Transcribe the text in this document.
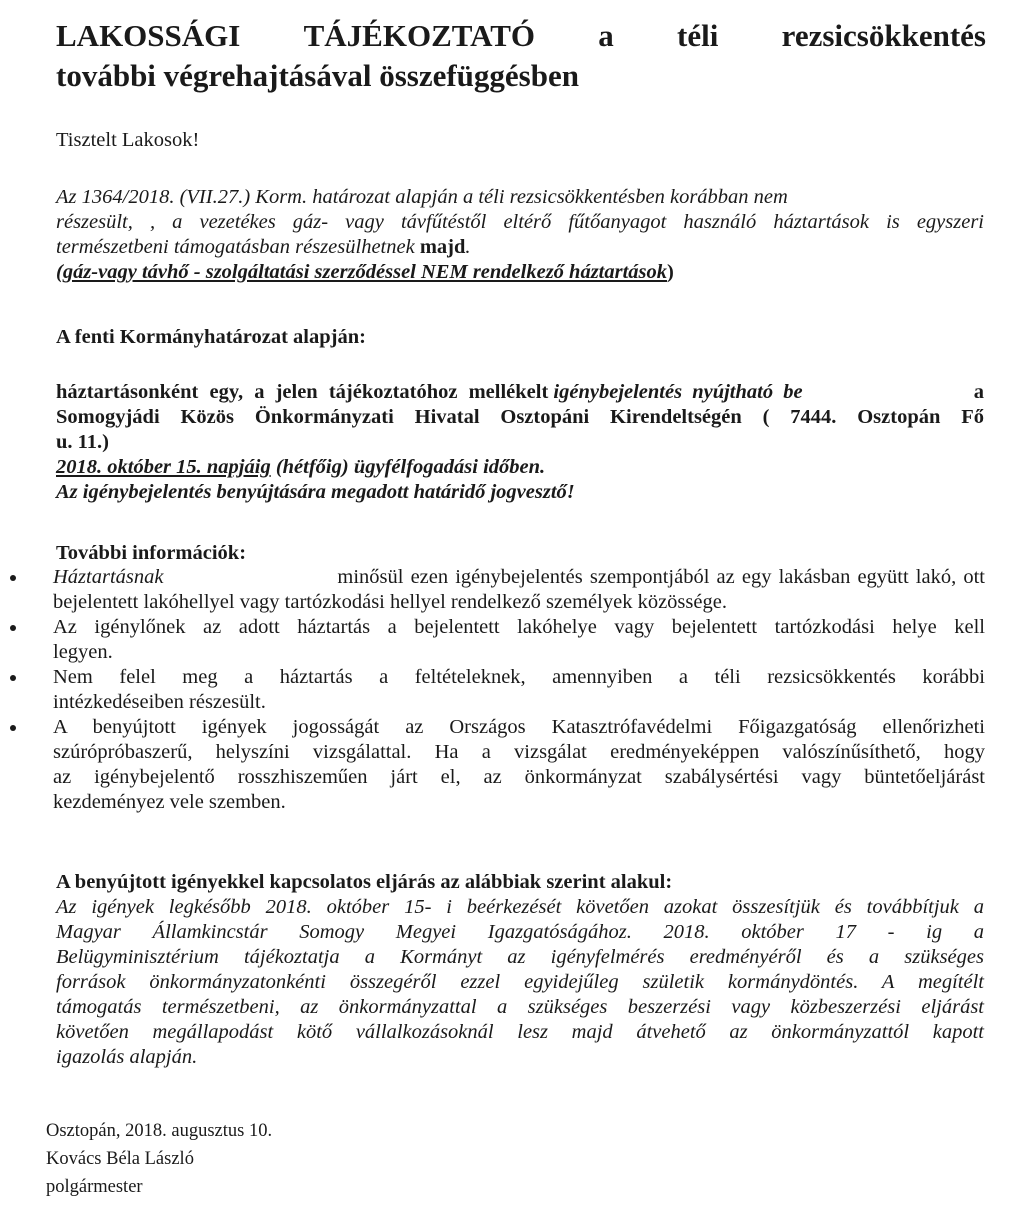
LAKOSSÁGI TÁJÉKOZTATÓ a téli rezsicsökkentés
további végrehajtásával összefüggésben

Tisztelt Lakosok!

Az 1364/2018. (VII.27.) Korm. határozat alapján a téli rezsicsökkentésben korábban nem
részesült, , a vezetékes gáz- vagy távfűtéstől eltérő fűtőanyagot használó háztartások is egyszeri
természetbeni támogatásban részesülhetnek majd.
(gáz-vagy távhő - szolgáltatási szerződéssel NEM rendelkező háztartások)

A fenti Kormányhatározat alapján:

háztartásonként egy, a jelen tájékoztatóhoz mellékelt
igénybejelentés nyújtható be	a
Somogyjádi Közös Önkormányzati Hivatal Osztopáni Kirendeltségén ( 7444. Osztopán Fő
u. 11.)
2018. október 15. napjáig (hétfőig) ügyfélfogadási időben.
Az igénybejelentés benyújtására megadott határidő jogvesztő!

További információk:

Háztartásnak	minősül ezen igénybejelentés szempontjából az egy lakásban együtt lakó, ott
bejelentett lakóhellyel vagy tartózkodási hellyel rendelkező személyek közössége.
Az igénylőnek az adott háztartás a bejelentett lakóhelye vagy bejelentett tartózkodási helye kell
legyen.
Nem felel meg a háztartás a feltételeknek, amennyiben a téli rezsicsökkentés korábbi
intézkedéseiben részesült.
A benyújtott igények jogosságát az Országos Katasztrófavédelmi Főigazgatóság ellenőrizheti
szúrópróbaszerű, helyszíni vizsgálattal. Ha a vizsgálat eredményeképpen valószínűsíthető, hogy
az igénybejelentő rosszhiszeműen járt el, az önkormányzat szabálysértési vagy büntetőeljárást
kezdeményez vele szemben.

A benyújtott igényekkel kapcsolatos eljárás az alábbiak szerint alakul:

Az igények legkésőbb 2018. október 15- i beérkezését követően azokat összesítjük és továbbítjuk a
Magyar Államkincstár Somogy Megyei Igazgatóságához. 2018. október 17 - ig a
Belügyminisztérium tájékoztatja a Kormányt az igényfelmérés eredményéről és a szükséges
források önkormányzatonkénti összegéről ezzel egyidejűleg születik kormánydöntés. A megítélt
támogatás természetbeni, az önkormányzattal a szükséges beszerzési vagy közbeszerzési eljárást
követően megállapodást kötő vállalkozásoknál lesz majd átvehető az önkormányzattól kapott
igazolás alapján.
Osztopán, 2018. augusztus 10.
Kovács Béla László
polgármester
